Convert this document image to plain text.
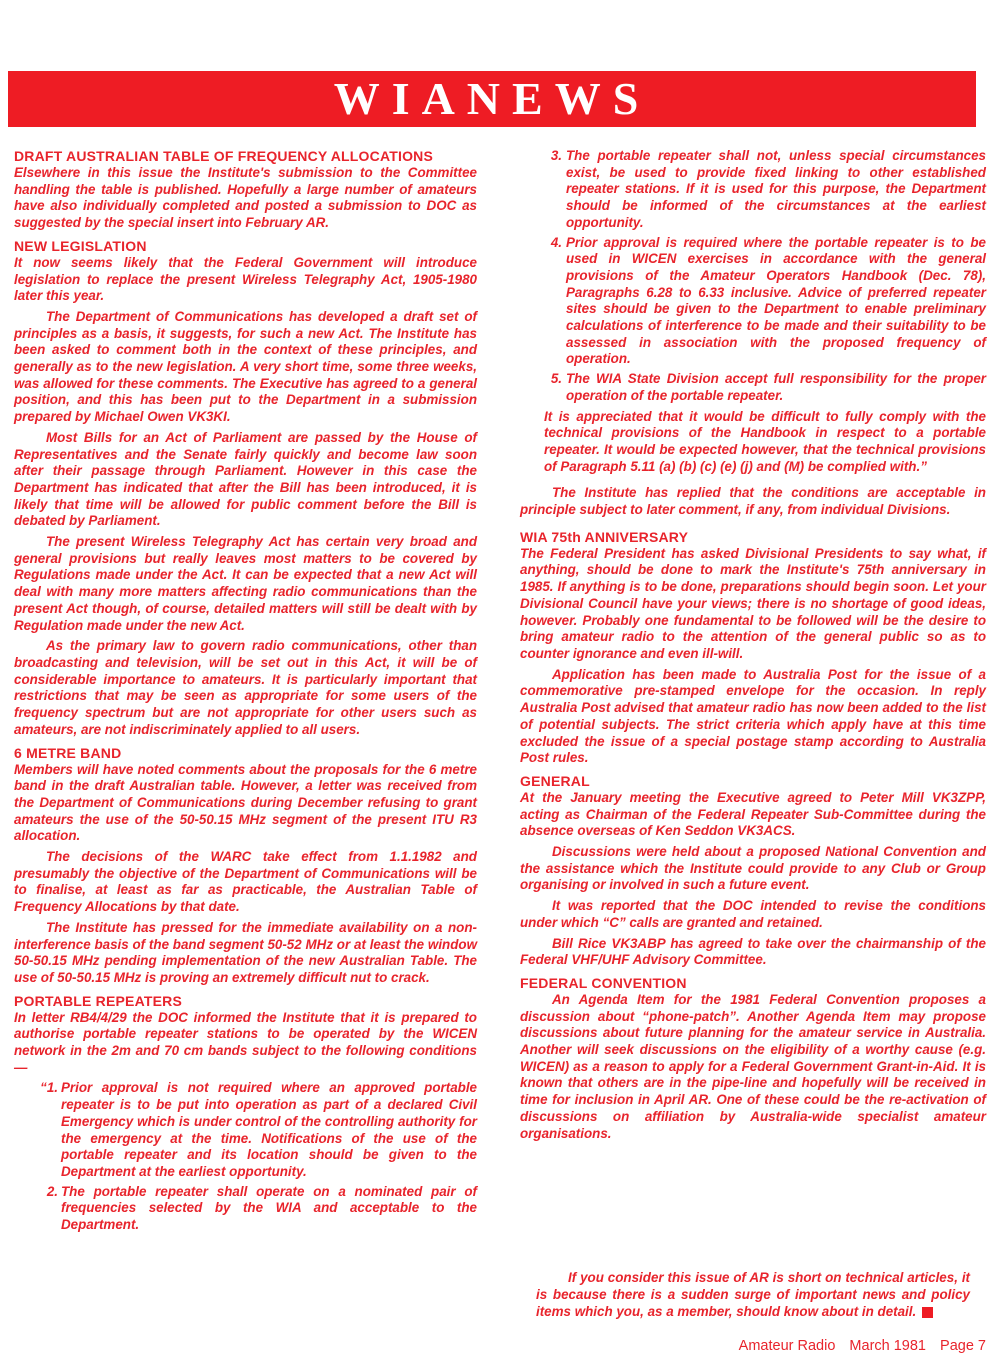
WIANEWS
DRAFT AUSTRALIAN TABLE OF FREQUENCY ALLOCATIONS

Elsewhere in this issue the Institute's submission to the Committee handling the table is published. Hopefully a large number of amateurs have also individually completed and posted a submission to DOC as suggested by the special insert into February AR.

NEW LEGISLATION

It now seems likely that the Federal Government will introduce legislation to replace the present Wireless Telegraphy Act, 1905-1980 later this year.

The Department of Communications has developed a draft set of principles as a basis, it suggests, for such a new Act. The Institute has been asked to comment both in the context of these principles, and generally as to the new legislation. A very short time, some three weeks, was allowed for these comments. The Executive has agreed to a general position, and this has been put to the Department in a submission prepared by Michael Owen VK3KI.

Most Bills for an Act of Parliament are passed by the House of Representatives and the Senate fairly quickly and become law soon after their passage through Parliament. However in this case the Department has indicated that after the Bill has been introduced, it is likely that time will be allowed for public comment before the Bill is debated by Parliament.

The present Wireless Telegraphy Act has certain very broad and general provisions but really leaves most matters to be covered by Regulations made under the Act. It can be expected that a new Act will deal with many more matters affecting radio communications than the present Act though, of course, detailed matters will still be dealt with by Regulation made under the new Act.

As the primary law to govern radio communications, other than broadcasting and television, will be set out in this Act, it will be of considerable importance to amateurs. It is particularly important that restrictions that may be seen as appropriate for some users of the frequency spectrum but are not appropriate for other users such as amateurs, are not indiscriminately applied to all users.

6 METRE BAND

Members will have noted comments about the proposals for the 6 metre band in the draft Australian table. However, a letter was received from the Department of Communications during December refusing to grant amateurs the use of the 50-50.15 MHz segment of the present ITU R3 allocation.

The decisions of the WARC take effect from 1.1.1982 and presumably the objective of the Department of Communications will be to finalise, at least as far as practicable, the Australian Table of Frequency Allocations by that date.

The Institute has pressed for the immediate availability on a non-interference basis of the band segment 50-52 MHz or at least the window 50-50.15 MHz pending implementation of the new Australian Table. The use of 50-50.15 MHz is proving an extremely difficult nut to crack.

PORTABLE REPEATERS

In letter RB4/4/29 the DOC informed the Institute that it is prepared to authorise portable repeater stations to be operated by the WICEN network in the 2m and 70 cm bands subject to the following conditions —

“1. Prior approval is not required where an approved portable repeater is to be put into operation as part of a declared Civil Emergency which is under control of the controlling authority for the emergency at the time. Notifications of the use of the portable repeater and its location should be given to the Department at the earliest opportunity.
2. The portable repeater shall operate on a nominated pair of frequencies selected by the WIA and acceptable to the Department.
3. The portable repeater shall not, unless special circumstances exist, be used to provide fixed linking to other established repeater stations. If it is used for this purpose, the Department should be informed of the circumstances at the earliest opportunity.
4. Prior approval is required where the portable repeater is to be used in WICEN exercises in accordance with the general provisions of the Amateur Operators Handbook (Dec. 78), Paragraphs 6.28 to 6.33 inclusive. Advice of preferred repeater sites should be given to the Department to enable preliminary calculations of interference to be made and their suitability to be assessed in association with the proposed frequency of operation.
5. The WIA State Division accept full responsibility for the proper operation of the portable repeater.

It is appreciated that it would be difficult to fully comply with the technical provisions of the Handbook in respect to a portable repeater. It would be expected however, that the technical provisions of Paragraph 5.11 (a) (b) (c) (e) (j) and (M) be complied with.”

The Institute has replied that the conditions are acceptable in principle subject to later comment, if any, from individual Divisions.

WIA 75th ANNIVERSARY

The Federal President has asked Divisional Presidents to say what, if anything, should be done to mark the Institute's 75th anniversary in 1985. If anything is to be done, preparations should begin soon. Let your Divisional Council have your views; there is no shortage of good ideas, however. Probably one fundamental to be followed will be the desire to bring amateur radio to the attention of the general public so as to counter ignorance and even ill-will.

Application has been made to Australia Post for the issue of a commemorative pre-stamped envelope for the occasion. In reply Australia Post advised that amateur radio has now been added to the list of potential subjects. The strict criteria which apply have at this time excluded the issue of a special postage stamp according to Australia Post rules.

GENERAL

At the January meeting the Executive agreed to Peter Mill VK3ZPP, acting as Chairman of the Federal Repeater Sub-Committee during the absence overseas of Ken Seddon VK3ACS.

Discussions were held about a proposed National Convention and the assistance which the Institute could provide to any Club or Group organising or involved in such a future event.

It was reported that the DOC intended to revise the conditions under which “C” calls are granted and retained.

Bill Rice VK3ABP has agreed to take over the chairmanship of the Federal VHF/UHF Advisory Committee.

FEDERAL CONVENTION

An Agenda Item for the 1981 Federal Convention proposes a discussion about “phone-patch”. Another Agenda Item may propose discussions about future planning for the amateur service in Australia. Another will seek discussions on the eligibility of a worthy cause (e.g. WICEN) as a reason to apply for a Federal Government Grant-in-Aid. It is known that others are in the pipe-line and hopefully will be received in time for inclusion in April AR. One of these could be the re-activation of discussions on affiliation by Australia-wide specialist amateur organisations.

If you consider this issue of AR is short on technical articles, it is because there is a sudden surge of important news and policy items which you, as a member, should know about in detail.

Amateur Radio March 1981 Page 7
